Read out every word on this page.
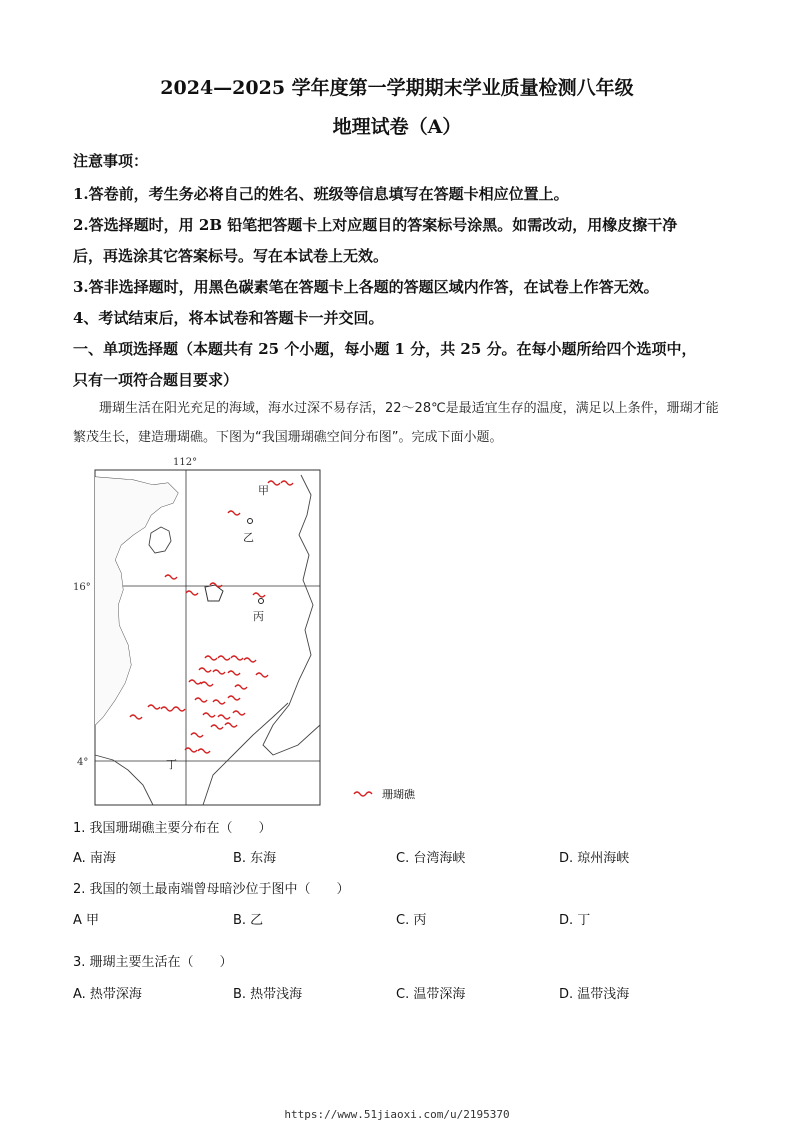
2024—2025 学年度第一学期期末学业质量检测八年级
地理试卷（A）
注意事项：
1.答卷前，考生务必将自己的姓名、班级等信息填写在答题卡相应位置上。
2.答选择题时，用 2B 铅笔把答题卡上对应题目的答案标号涂黑。如需改动，用橡皮擦干净
后，再选涂其它答案标号。写在本试卷上无效。
3.答非选择题时，用黑色碳素笔在答题卡上各题的答题区域内作答，在试卷上作答无效。
4、考试结束后，将本试卷和答题卡一并交回。
一、单项选择题（本题共有 25 个小题，每小题 1 分，共 25 分。在每小题所给四个选项中，
只有一项符合题目要求）

珊瑚生活在阳光充足的海域，海水过深不易存活，22～28℃是最适宜生存的温度，满足以上条件，珊瑚才能繁茂生长，建造珊瑚礁。下图为“我国珊瑚礁空间分布图”。完成下面小题。

112°
16°
4°
甲
乙
丙
丁
珊瑚礁
1. 我国珊瑚礁主要分布在（　　）
A. 南海	B. 东海	C. 台湾海峡	D. 琼州海峡
2. 我国的领土最南端曾母暗沙位于图中（　　）
A 甲	B. 乙	C. 丙	D. 丁
3. 珊瑚主要生活在（　　）
A. 热带深海	B. 热带浅海	C. 温带深海	D. 温带浅海
https://www.51jiaoxi.com/u/2195370
